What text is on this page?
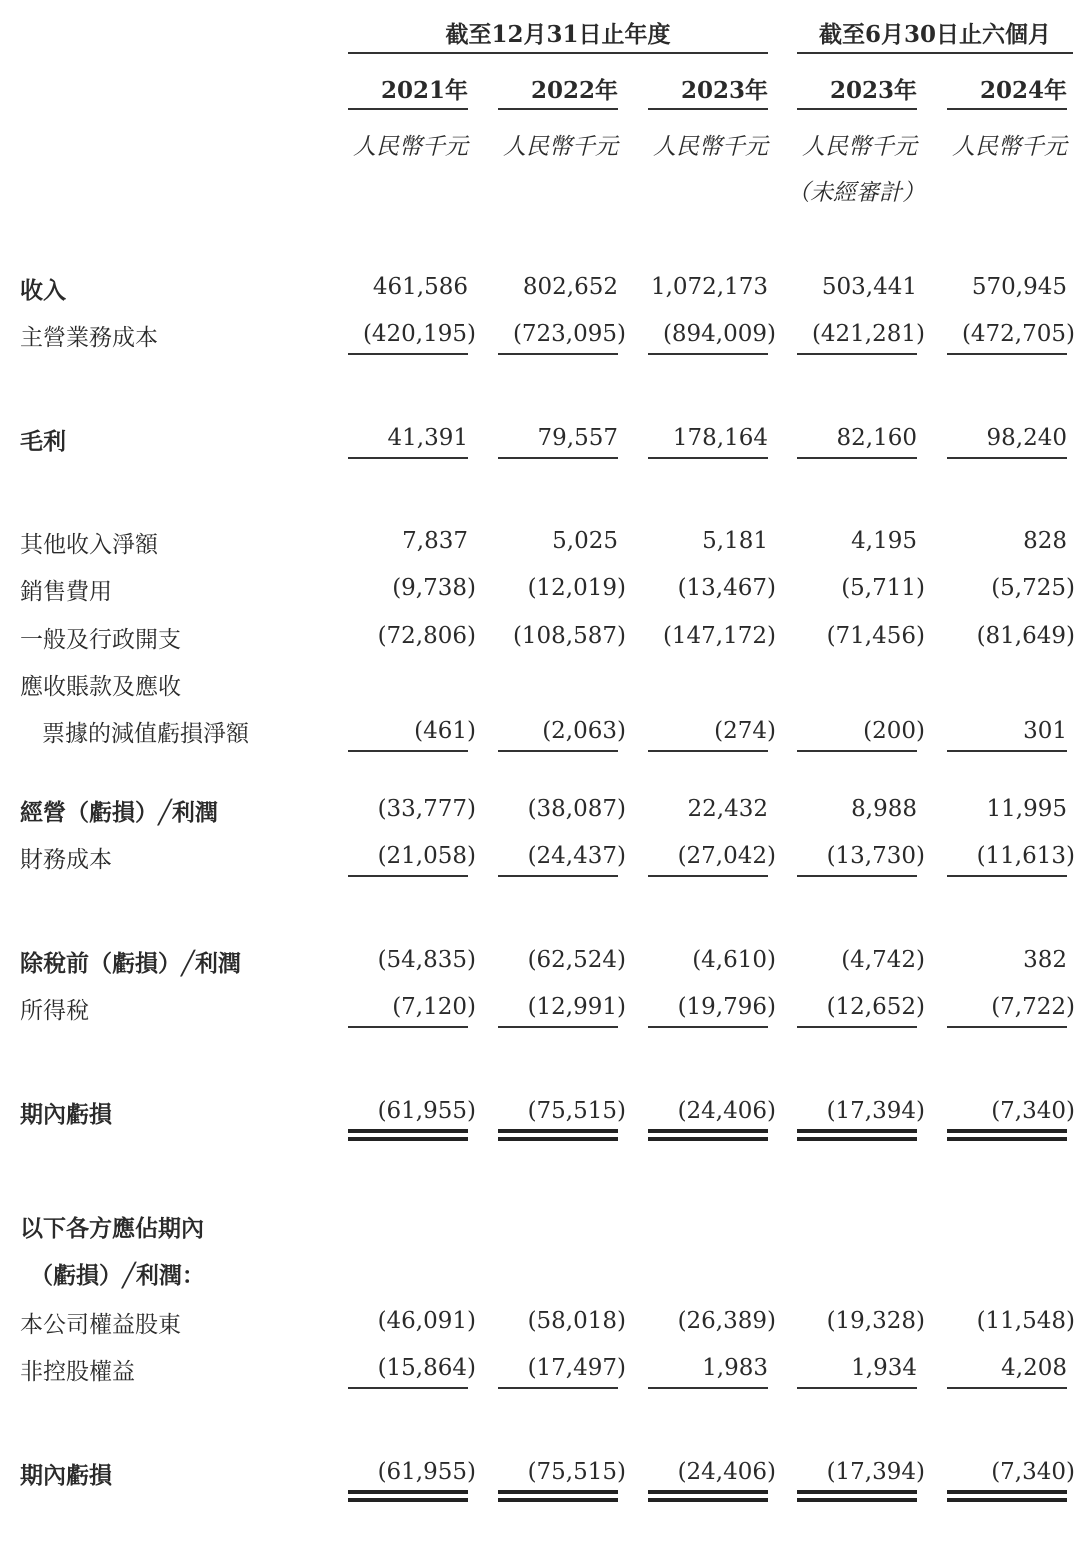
截至12月31日止年度	截至6月30日止六個月
2021年	2022年	2023年	2023年	2024年
人民幣千元	人民幣千元	人民幣千元	人民幣千元	人民幣千元
（未經審計）
收入	461,586	802,652 1,072,173	503,441	570,945
主營業務成本	(420,195)	(723,095)	(894,009)	(421,281)	(472,705)
毛利	41,391	79,557	178,164	82,160	98,240
其他收入淨額	7,837	5,025	5,181	4,195	828
銷售費用	(9,738)	(12,019)	(13,467)	(5,711)	(5,725)
一般及行政開支	(72,806)	(108,587)	(147,172)	(71,456)	(81,649)
應收賬款及應收
票據的減值虧損淨額	(461)	(2,063)	(274)	(200)	301
經營（虧損）╱利潤	(33,777)	(38,087)	22,432	8,988	11,995
財務成本	(21,058)	(24,437)	(27,042)	(13,730)	(11,613)
除稅前（虧損）╱利潤	(54,835)	(62,524)	(4,610)	(4,742)	382
所得稅	(7,120)	(12,991)	(19,796)	(12,652)	(7,722)
期內虧損	(61,955)	(75,515)	(24,406)	(17,394)	(7,340)
以下各方應佔期內
（虧損）╱利潤：
本公司權益股東	(46,091)	(58,018)	(26,389)	(19,328)	(11,548)
非控股權益	(15,864)	(17,497)	1,983	1,934	4,208
期內虧損	(61,955)	(75,515)	(24,406)	(17,394)	(7,340)
